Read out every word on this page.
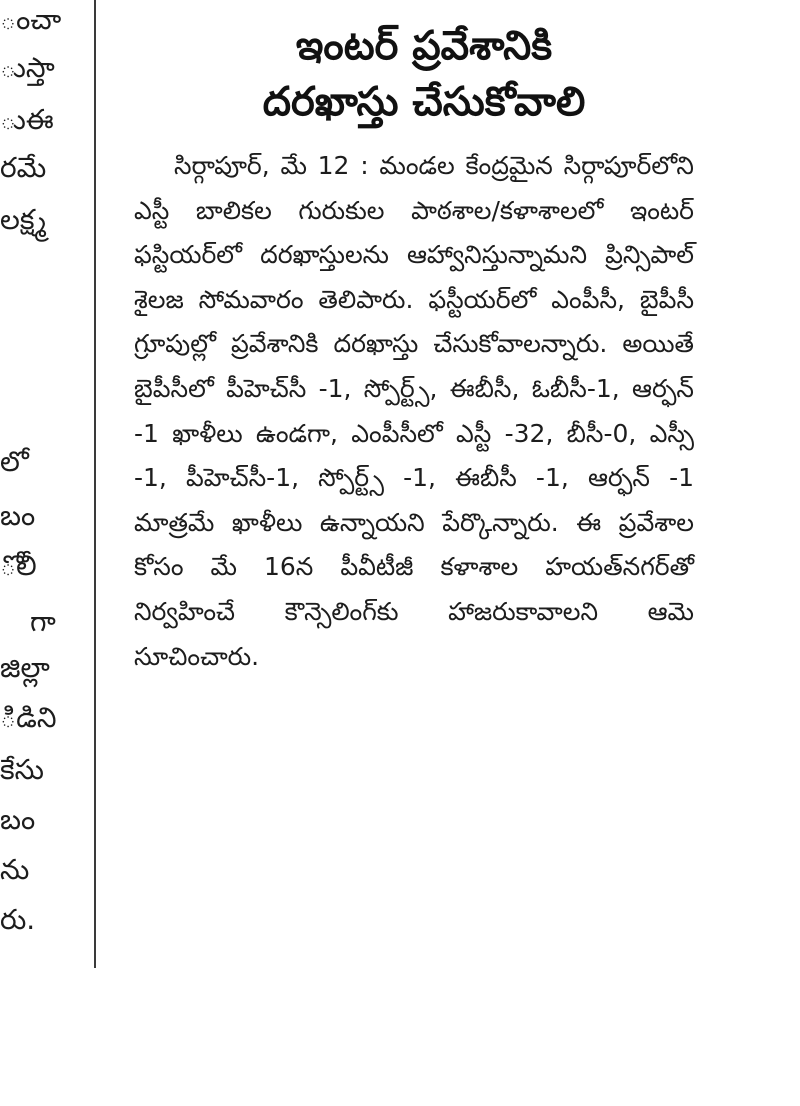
ంచా
ుస్తా
ుఈ
రమే
లక్ష్మ
లో
బం
ోలీ
గా
జిల్లా
ిడిని
కేసు
బం
ను
రు.
ఇంటర్ ప్రవేశానికి
దరఖాస్తు చేసుకోవాలి

సిర్గాపూర్, మే 12 : మండల కేంద్రమైన సిర్గాపూర్‌లోని ఎస్టీ బాలికల గురుకుల పాఠశాల/కళాశాలలో ఇంటర్ ఫస్టియర్‌లో దరఖాస్తులను ఆహ్వానిస్తున్నామని ప్రిన్సిపాల్ శైలజ సోమవారం తెలిపారు. ఫస్టీయర్‌లో ఎంపీసీ, బైపీసీ గ్రూపుల్లో ప్రవేశానికి దరఖాస్తు చేసుకోవాలన్నారు. అయితే బైపీసీలో పీహెచ్‌సీ -1, స్పోర్ట్స్, ఈబీసీ, ఓబీసీ-1, ఆర్ఫన్ -1 ఖాళీలు ఉండగా, ఎంపీసీలో ఎస్టీ -32, బీసీ-0, ఎస్సీ -1, పీహెచ్‌సీ-1, స్పోర్ట్స్ -1, ఈబీసీ -1, ఆర్ఫన్ -1 మాత్రమే ఖాళీలు ఉన్నాయని పేర్కొన్నారు. ఈ ప్రవేశాల కోసం మే 16న పీవీటీజీ కళాశాల హయత్‌నగర్‌తో నిర్వహించే కౌన్సెలింగ్‌కు హాజరుకావాలని ఆమె సూచించారు.
